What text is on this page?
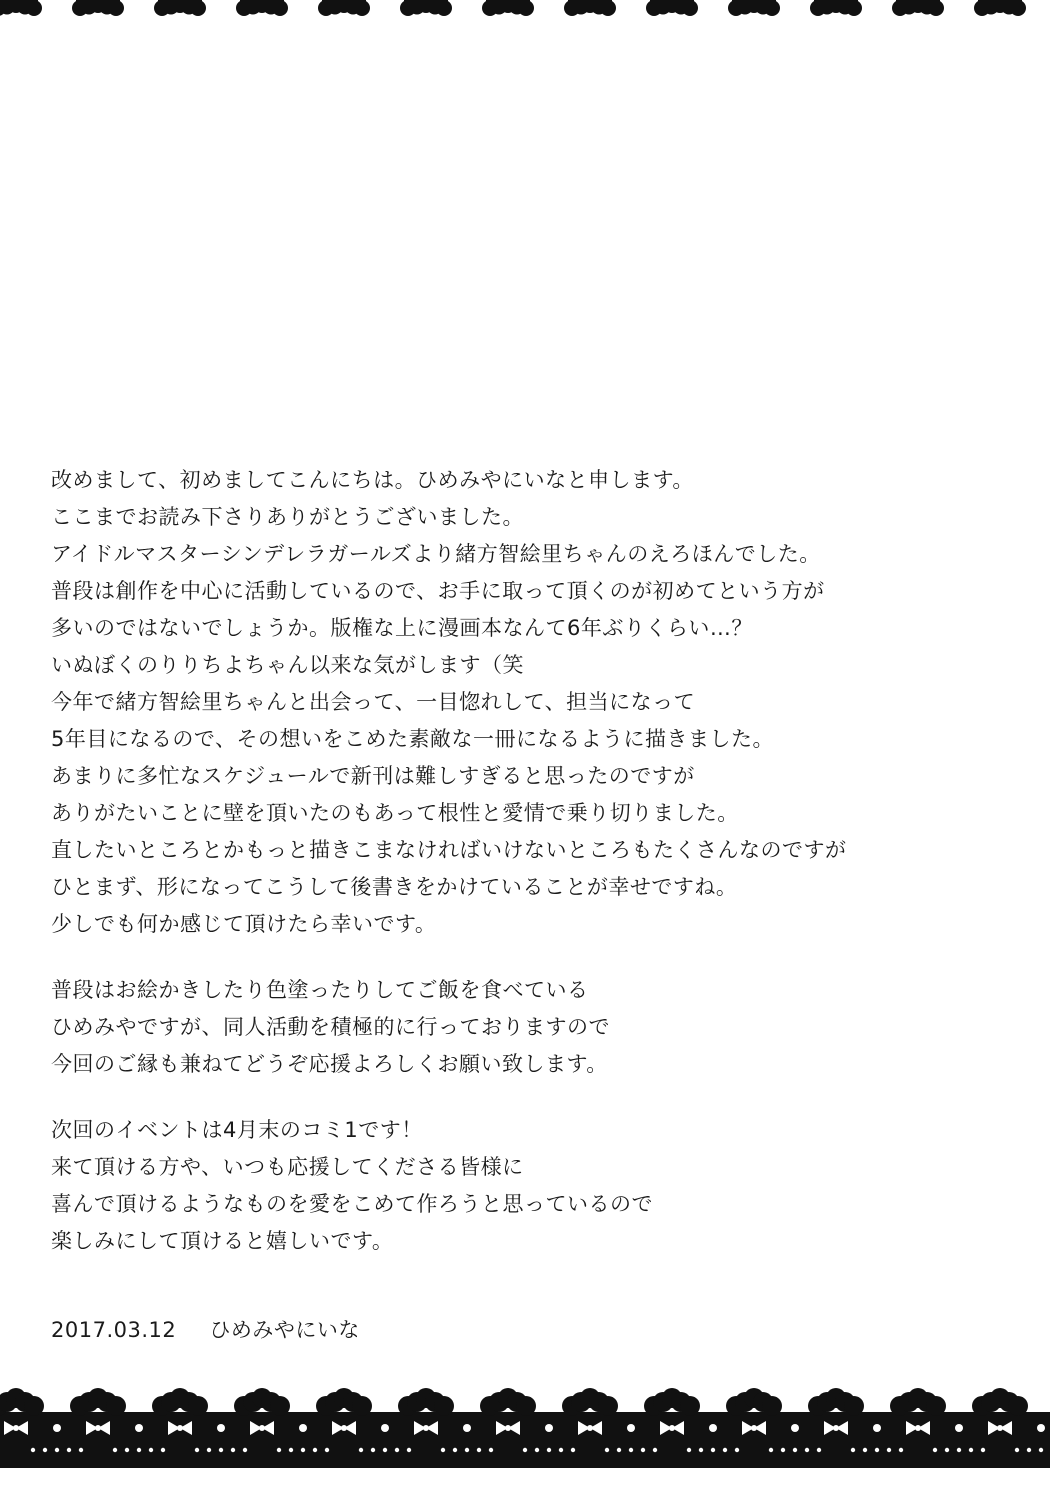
改めまして、初めましてこんにちは。ひめみやにいなと申します。
ここまでお読み下さりありがとうございました。
アイドルマスターシンデレラガールズより緒方智絵里ちゃんのえろほんでした。
普段は創作を中心に活動しているので、お手に取って頂くのが初めてという方が
多いのではないでしょうか。版権な上に漫画本なんて6年ぶりくらい…？
いぬぼくのりりちよちゃん以来な気がします（笑
今年で緒方智絵里ちゃんと出会って、一目惚れして、担当になって
5年目になるので、その想いをこめた素敵な一冊になるように描きました。
あまりに多忙なスケジュールで新刊は難しすぎると思ったのですが
ありがたいことに壁を頂いたのもあって根性と愛情で乗り切りました。
直したいところとかもっと描きこまなければいけないところもたくさんなのですが
ひとまず、形になってこうして後書きをかけていることが幸せですね。
少しでも何か感じて頂けたら幸いです。
普段はお絵かきしたり色塗ったりしてご飯を食べている
ひめみやですが、同人活動を積極的に行っておりますので
今回のご縁も兼ねてどうぞ応援よろしくお願い致します。
次回のイベントは4月末のコミ1です！
来て頂ける方や、いつも応援してくださる皆様に
喜んで頂けるようなものを愛をこめて作ろうと思っているので
楽しみにして頂けると嬉しいです。
2017.03.12 ひめみやにいな
